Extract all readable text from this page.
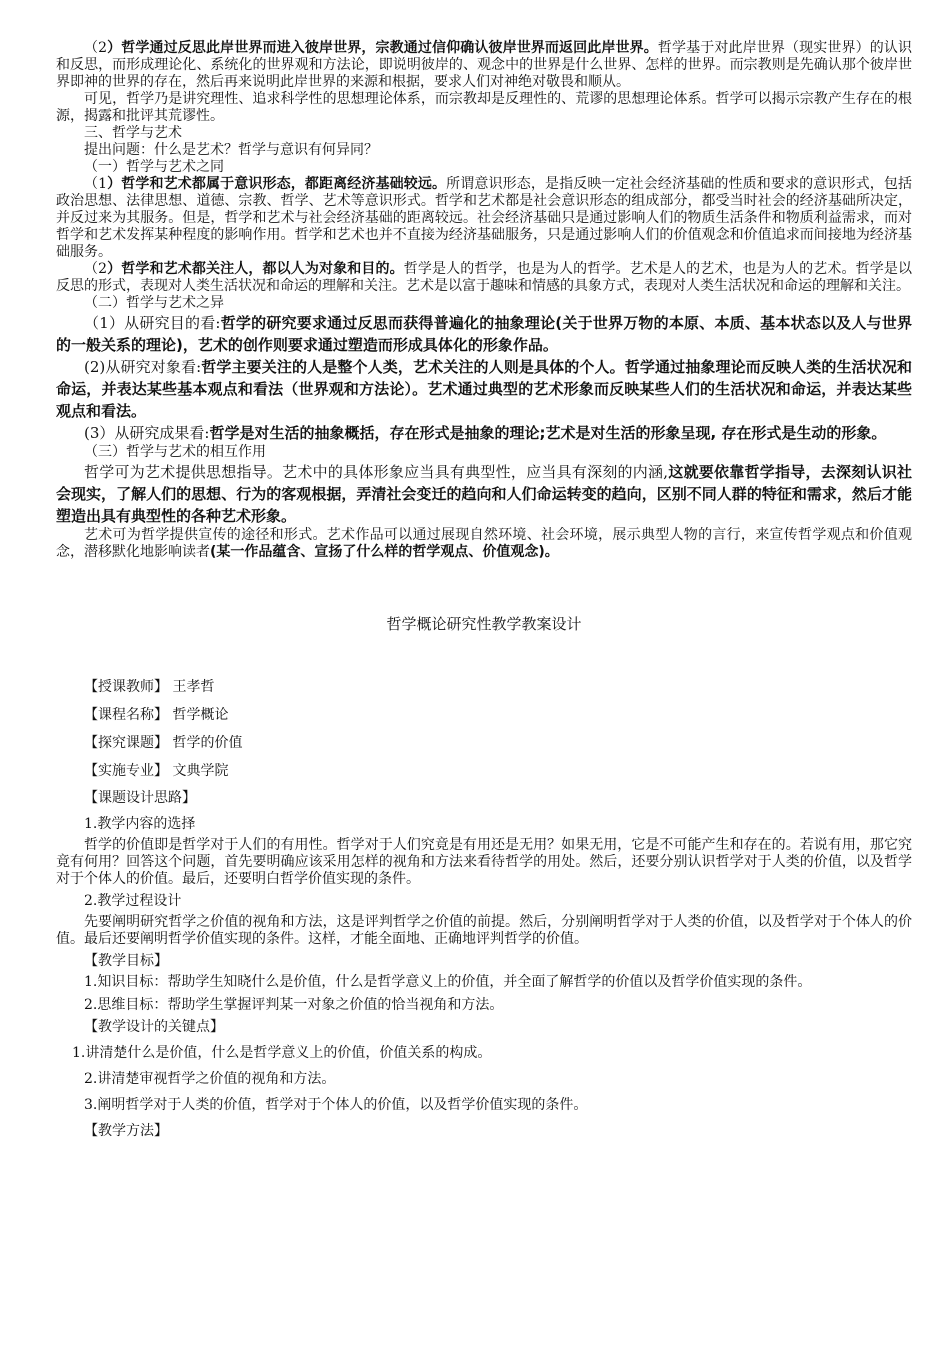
（2）哲学通过反思此岸世界而进入彼岸世界，宗教通过信仰确认彼岸世界而返回此岸世界。哲学基于对此岸世界（现实世界）的认识和反思，而形成理论化、系统化的世界观和方法论，即说明彼岸的、观念中的世界是什么世界、怎样的世界。而宗教则是先确认那个彼岸世界即神的世界的存在，然后再来说明此岸世界的来源和根据，要求人们对神绝对敬畏和顺从。

可见，哲学乃是讲究理性、追求科学性的思想理论体系，而宗教却是反理性的、荒谬的思想理论体系。哲学可以揭示宗教产生存在的根源，揭露和批评其荒谬性。

三、哲学与艺术

提出问题：什么是艺术？哲学与意识有何异同？

（一）哲学与艺术之同

（1）哲学和艺术都属于意识形态，都距离经济基础较远。所谓意识形态，是指反映一定社会经济基础的性质和要求的意识形式，包括政治思想、法律思想、道德、宗教、哲学、艺术等意识形式。哲学和艺术都是社会意识形态的组成部分，都受当时社会的经济基础所决定，并反过来为其服务。但是，哲学和艺术与社会经济基础的距离较远。社会经济基础只是通过影响人们的物质生活条件和物质利益需求，而对哲学和艺术发挥某种程度的影响作用。哲学和艺术也并不直接为经济基础服务，只是通过影响人们的价值观念和价值追求而间接地为经济基础服务。

（2）哲学和艺术都关注人，都以人为对象和目的。哲学是人的哲学，也是为人的哲学。艺术是人的艺术，也是为人的艺术。哲学是以反思的形式，表现对人类生活状况和命运的理解和关注。艺术是以富于趣味和情感的具象方式，表现对人类生活状况和命运的理解和关注。

（二）哲学与艺术之异

（1）从研究目的看:哲学的研究要求通过反思而获得普遍化的抽象理论(关于世界万物的本原、本质、基本状态以及人与世界的一般关系的理论)，艺术的创作则要求通过塑造而形成具体化的形象作品。

(2)从研究对象看:哲学主要关注的人是整个人类，艺术关注的人则是具体的个人。哲学通过抽象理论而反映人类的生活状况和命运，并表达某些基本观点和看法（世界观和方法论）。艺术通过典型的艺术形象而反映某些人们的生活状况和命运，并表达某些观点和看法。

(3）从研究成果看:哲学是对生活的抽象概括，存在形式是抽象的理论;艺术是对生活的形象呈现, 存在形式是生动的形象。

（三）哲学与艺术的相互作用

哲学可为艺术提供思想指导。艺术中的具体形象应当具有典型性，应当具有深刻的内涵,这就要依靠哲学指导，去深刻认识社会现实，了解人们的思想、行为的客观根据，弄清社会变迁的趋向和人们命运转变的趋向，区别不同人群的特征和需求，然后才能塑造出具有典型性的各种艺术形象。

艺术可为哲学提供宣传的途径和形式。艺术作品可以通过展现自然环境、社会环境，展示典型人物的言行，来宣传哲学观点和价值观念，潜移默化地影响读者(某一作品蕴含、宣扬了什么样的哲学观点、价值观念)。

哲学概论研究性教学教案设计
【授课教师】 王孝哲
【课程名称】 哲学概论
【探究课题】 哲学的价值
【实施专业】 文典学院
【课题设计思路】
1.教学内容的选择

哲学的价值即是哲学对于人们的有用性。哲学对于人们究竟是有用还是无用？如果无用，它是不可能产生和存在的。若说有用，那它究竟有何用？回答这个问题，首先要明确应该采用怎样的视角和方法来看待哲学的用处。然后，还要分别认识哲学对于人类的价值，以及哲学对于个体人的价值。最后，还要明白哲学价值实现的条件。

2.教学过程设计

先要阐明研究哲学之价值的视角和方法，这是评判哲学之价值的前提。然后，分别阐明哲学对于人类的价值，以及哲学对于个体人的价值。最后还要阐明哲学价值实现的条件。这样，才能全面地、正确地评判哲学的价值。

【教学目标】

1.知识目标：帮助学生知晓什么是价值，什么是哲学意义上的价值，并全面了解哲学的价值以及哲学价值实现的条件。

2.思维目标：帮助学生掌握评判某一对象之价值的恰当视角和方法。

【教学设计的关键点】
1.讲清楚什么是价值，什么是哲学意义上的价值，价值关系的构成。
2.讲清楚审视哲学之价值的视角和方法。
3.阐明哲学对于人类的价值，哲学对于个体人的价值，以及哲学价值实现的条件。
【教学方法】
